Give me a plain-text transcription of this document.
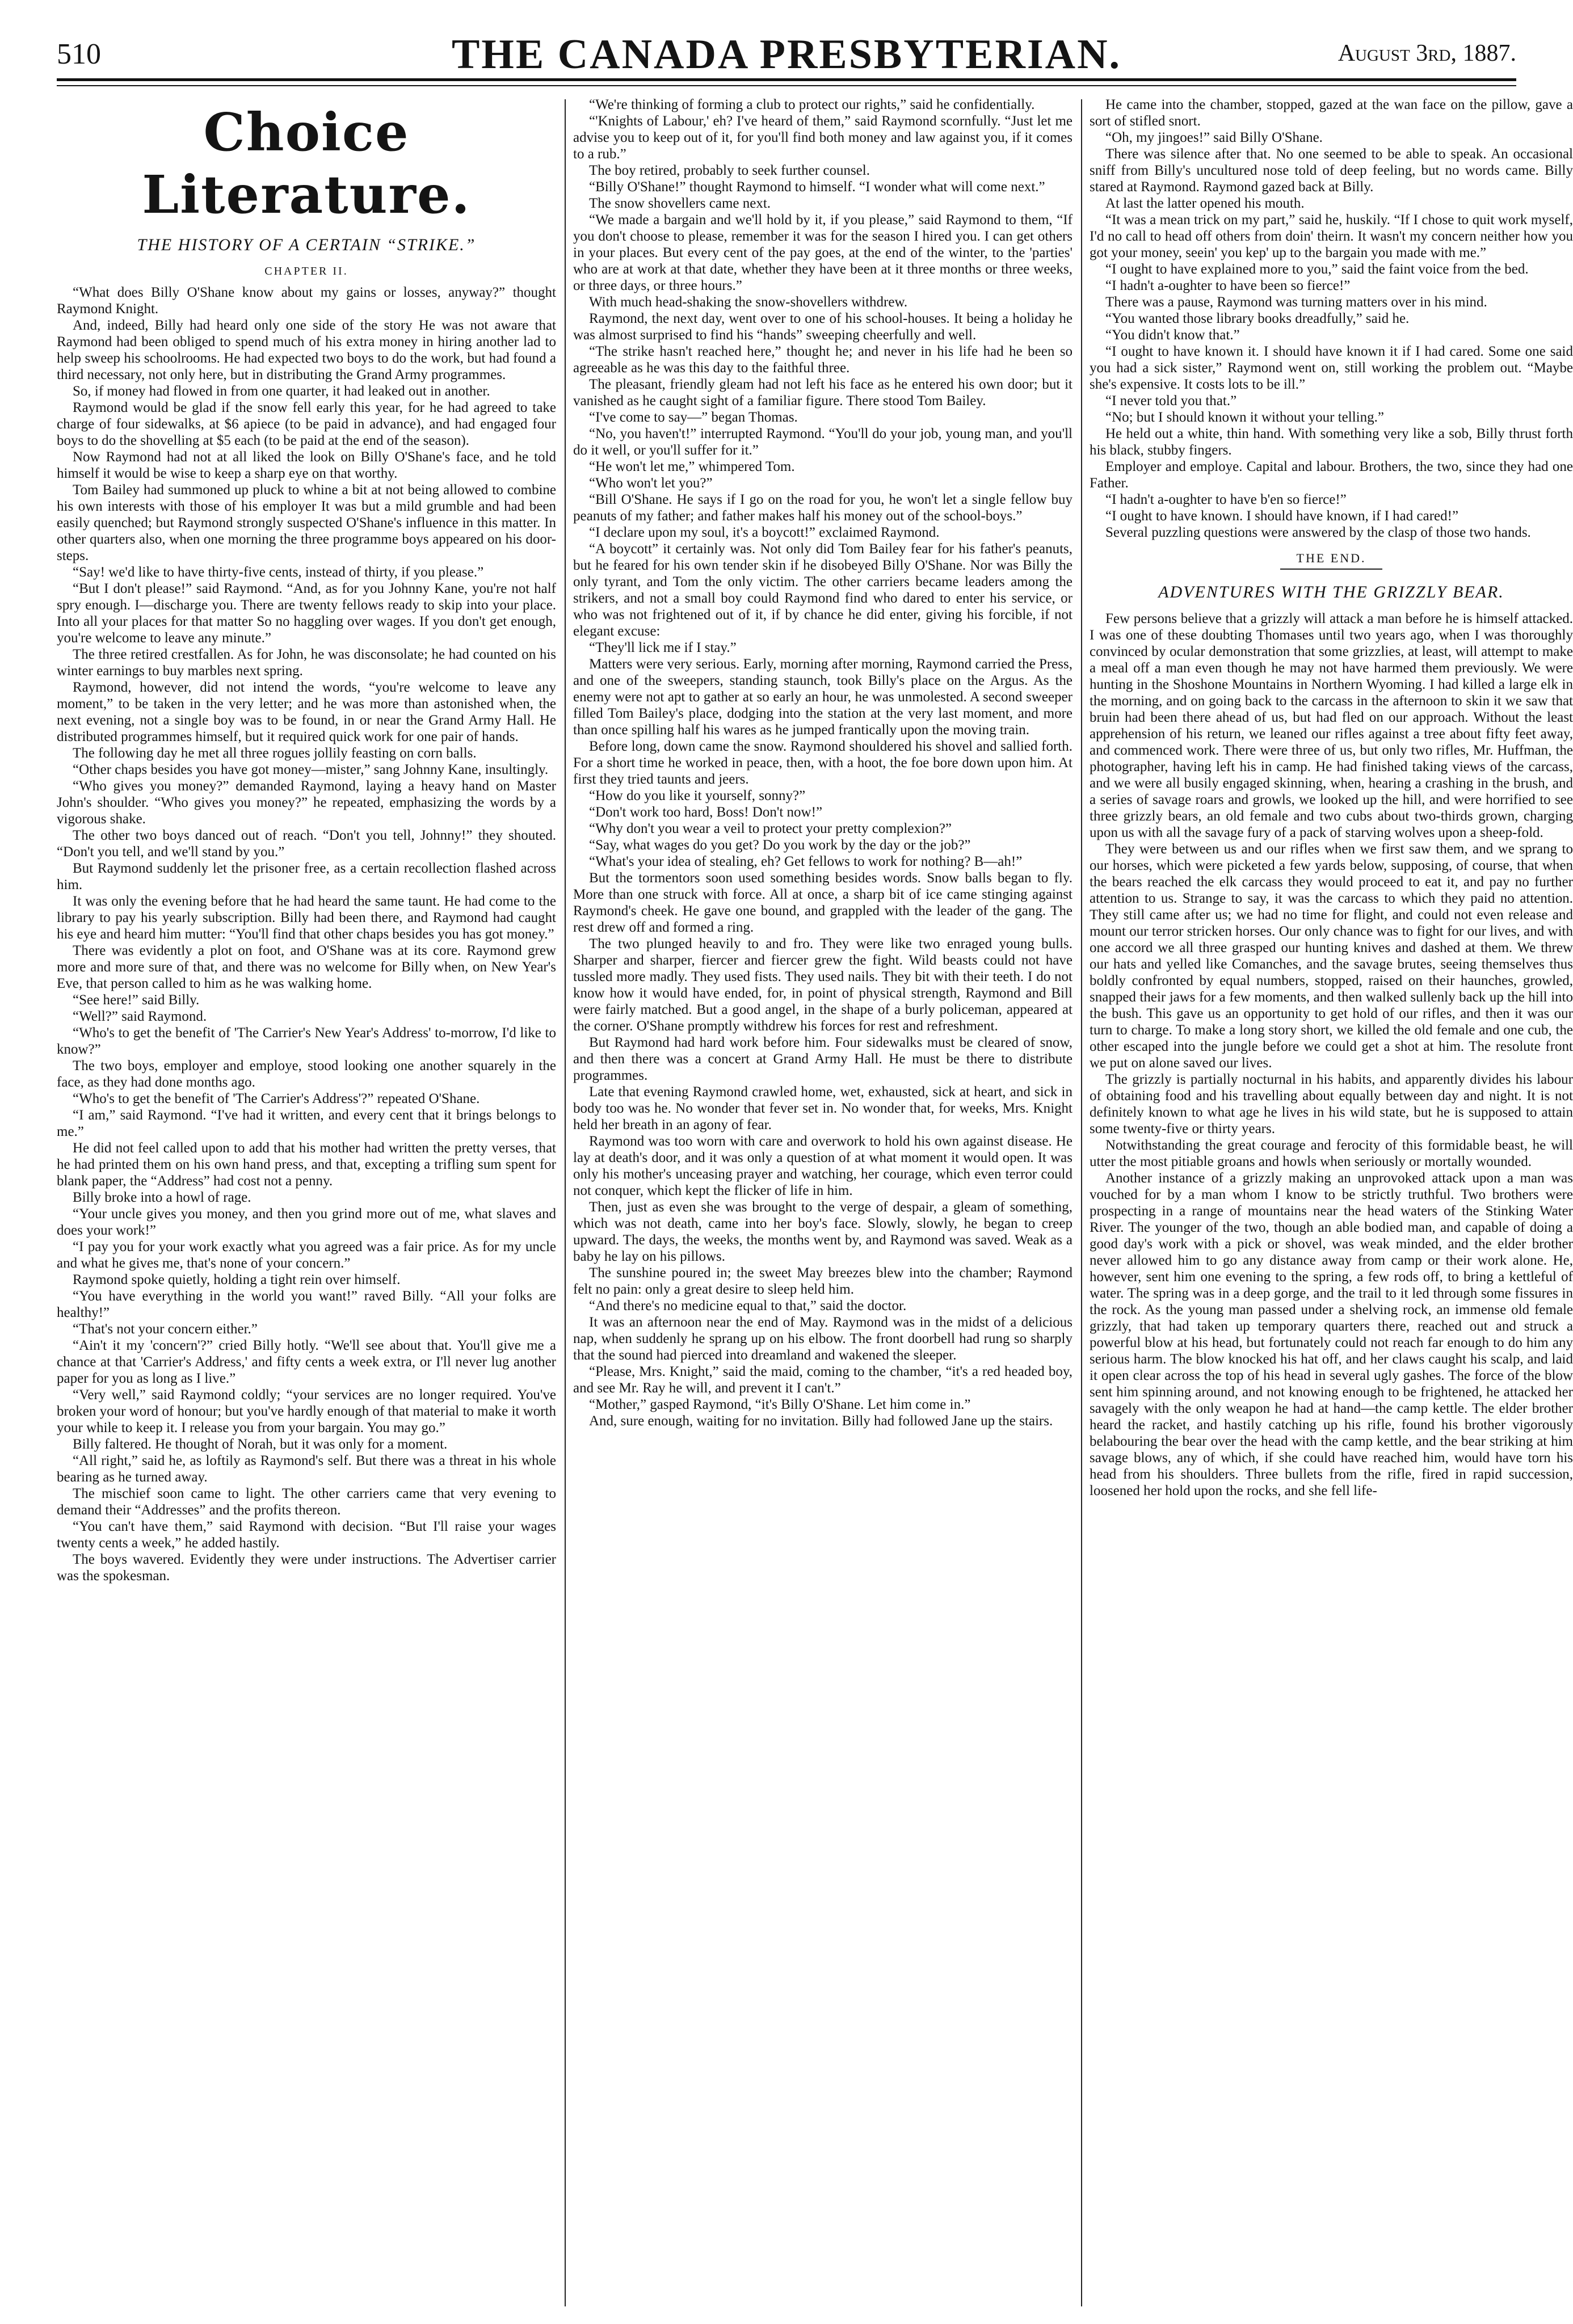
510	THE CANADA PRESBYTERIAN.	August 3rd, 1887.
Choice Literature.
THE HISTORY OF A CERTAIN “STRIKE.”
CHAPTER II.

“What does Billy O'Shane know about my gains or losses, anyway?” thought Raymond Knight.

And, indeed, Billy had heard only one side of the story He was not aware that Raymond had been obliged to spend much of his extra money in hiring another lad to help sweep his schoolrooms. He had expected two boys to do the work, but had found a third necessary, not only here, but in distributing the Grand Army programmes.

So, if money had flowed in from one quarter, it had leaked out in another.

Raymond would be glad if the snow fell early this year, for he had agreed to take charge of four sidewalks, at $6 apiece (to be paid in advance), and had engaged four boys to do the shovelling at $5 each (to be paid at the end of the season).

Now Raymond had not at all liked the look on Billy O'Shane's face, and he told himself it would be wise to keep a sharp eye on that worthy.

Tom Bailey had summoned up pluck to whine a bit at not being allowed to combine his own interests with those of his employer It was but a mild grumble and had been easily quenched; but Raymond strongly suspected O'Shane's influence in this matter. In other quarters also, when one morning the three programme boys appeared on his door-steps.

“Say! we'd like to have thirty-five cents, instead of thirty, if you please.”

“But I don't please!” said Raymond. “And, as for you Johnny Kane, you're not half spry enough. I—discharge you. There are twenty fellows ready to skip into your place. Into all your places for that matter So no haggling over wages. If you don't get enough, you're welcome to leave any minute.”

The three retired crestfallen. As for John, he was disconsolate; he had counted on his winter earnings to buy marbles next spring.

Raymond, however, did not intend the words, “you're welcome to leave any moment,” to be taken in the very letter; and he was more than astonished when, the next evening, not a single boy was to be found, in or near the Grand Army Hall. He distributed programmes himself, but it required quick work for one pair of hands.

The following day he met all three rogues jollily feasting on corn balls.

“Other chaps besides you have got money—mister,” sang Johnny Kane, insultingly.

“Who gives you money?” demanded Raymond, laying a heavy hand on Master John's shoulder. “Who gives you money?” he repeated, emphasizing the words by a vigorous shake.

The other two boys danced out of reach. “Don't you tell, Johnny!” they shouted. “Don't you tell, and we'll stand by you.”

But Raymond suddenly let the prisoner free, as a certain recollection flashed across him.

It was only the evening before that he had heard the same taunt. He had come to the library to pay his yearly subscription. Billy had been there, and Raymond had caught his eye and heard him mutter: “You'll find that other chaps besides you has got money.”

There was evidently a plot on foot, and O'Shane was at its core. Raymond grew more and more sure of that, and there was no welcome for Billy when, on New Year's Eve, that person called to him as he was walking home.

“See here!” said Billy.

“Well?” said Raymond.

“Who's to get the benefit of 'The Carrier's New Year's Address' to-morrow, I'd like to know?”

The two boys, employer and employe, stood looking one another squarely in the face, as they had done months ago.

“Who's to get the benefit of 'The Carrier's Address'?” repeated O'Shane.

“I am,” said Raymond. “I've had it written, and every cent that it brings belongs to me.”

He did not feel called upon to add that his mother had written the pretty verses, that he had printed them on his own hand press, and that, excepting a trifling sum spent for blank paper, the “Address” had cost not a penny.

Billy broke into a howl of rage.

“Your uncle gives you money, and then you grind more out of me, what slaves and does your work!”

“I pay you for your work exactly what you agreed was a fair price. As for my uncle and what he gives me, that's none of your concern.”

Raymond spoke quietly, holding a tight rein over himself.

“You have everything in the world you want!” raved Billy. “All your folks are healthy!”

“That's not your concern either.”

“Ain't it my 'concern'?” cried Billy hotly. “We'll see about that. You'll give me a chance at that 'Carrier's Address,' and fifty cents a week extra, or I'll never lug another paper for you as long as I live.”

“Very well,” said Raymond coldly; “your services are no longer required. You've broken your word of honour; but you've hardly enough of that material to make it worth your while to keep it. I release you from your bargain. You may go.”

Billy faltered. He thought of Norah, but it was only for a moment.

“All right,” said he, as loftily as Raymond's self. But there was a threat in his whole bearing as he turned away.

The mischief soon came to light. The other carriers came that very evening to demand their “Addresses” and the profits thereon.

“You can't have them,” said Raymond with decision. “But I'll raise your wages twenty cents a week,” he added hastily.

The boys wavered. Evidently they were under instructions. The Advertiser carrier was the spokesman.

“We're thinking of forming a club to protect our rights,” said he confidentially.

“'Knights of Labour,' eh? I've heard of them,” said Raymond scornfully. “Just let me advise you to keep out of it, for you'll find both money and law against you, if it comes to a rub.”

The boy retired, probably to seek further counsel.

“Billy O'Shane!” thought Raymond to himself. “I wonder what will come next.”

The snow shovellers came next.

“We made a bargain and we'll hold by it, if you please,” said Raymond to them, “If you don't choose to please, remember it was for the season I hired you. I can get others in your places. But every cent of the pay goes, at the end of the winter, to the 'parties' who are at work at that date, whether they have been at it three months or three weeks, or three days, or three hours.”

With much head-shaking the snow-shovellers withdrew.

Raymond, the next day, went over to one of his school-houses. It being a holiday he was almost surprised to find his “hands” sweeping cheerfully and well.

“The strike hasn't reached here,” thought he; and never in his life had he been so agreeable as he was this day to the faithful three.

The pleasant, friendly gleam had not left his face as he entered his own door; but it vanished as he caught sight of a familiar figure. There stood Tom Bailey.

“I've come to say—” began Thomas.

“No, you haven't!” interrupted Raymond. “You'll do your job, young man, and you'll do it well, or you'll suffer for it.”

“He won't let me,” whimpered Tom.

“Who won't let you?”

“Bill O'Shane. He says if I go on the road for you, he won't let a single fellow buy peanuts of my father; and father makes half his money out of the school-boys.”

“I declare upon my soul, it's a boycott!” exclaimed Raymond.

“A boycott” it certainly was. Not only did Tom Bailey fear for his father's peanuts, but he feared for his own tender skin if he disobeyed Billy O'Shane. Nor was Billy the only tyrant, and Tom the only victim. The other carriers became leaders among the strikers, and not a small boy could Raymond find who dared to enter his service, or who was not frightened out of it, if by chance he did enter, giving his forcible, if not elegant excuse:

“They'll lick me if I stay.”

Matters were very serious. Early, morning after morning, Raymond carried the Press, and one of the sweepers, standing staunch, took Billy's place on the Argus. As the enemy were not apt to gather at so early an hour, he was unmolested. A second sweeper filled Tom Bailey's place, dodging into the station at the very last moment, and more than once spilling half his wares as he jumped frantically upon the moving train.

Before long, down came the snow. Raymond shouldered his shovel and sallied forth. For a short time he worked in peace, then, with a hoot, the foe bore down upon him. At first they tried taunts and jeers.

“How do you like it yourself, sonny?”

“Don't work too hard, Boss! Don't now!”

“Why don't you wear a veil to protect your pretty complexion?”

“Say, what wages do you get? Do you work by the day or the job?”

“What's your idea of stealing, eh? Get fellows to work for nothing? B—ah!”

But the tormentors soon used something besides words. Snow balls began to fly. More than one struck with force. All at once, a sharp bit of ice came stinging against Raymond's cheek. He gave one bound, and grappled with the leader of the gang. The rest drew off and formed a ring.

The two plunged heavily to and fro. They were like two enraged young bulls. Sharper and sharper, fiercer and fiercer grew the fight. Wild beasts could not have tussled more madly. They used fists. They used nails. They bit with their teeth. I do not know how it would have ended, for, in point of physical strength, Raymond and Bill were fairly matched. But a good angel, in the shape of a burly policeman, appeared at the corner. O'Shane promptly withdrew his forces for rest and refreshment.

But Raymond had hard work before him. Four sidewalks must be cleared of snow, and then there was a concert at Grand Army Hall. He must be there to distribute programmes.

Late that evening Raymond crawled home, wet, exhausted, sick at heart, and sick in body too was he. No wonder that fever set in. No wonder that, for weeks, Mrs. Knight held her breath in an agony of fear.

Raymond was too worn with care and overwork to hold his own against disease. He lay at death's door, and it was only a question of at what moment it would open. It was only his mother's unceasing prayer and watching, her courage, which even terror could not conquer, which kept the flicker of life in him.

Then, just as even she was brought to the verge of despair, a gleam of something, which was not death, came into her boy's face. Slowly, slowly, he began to creep upward. The days, the weeks, the months went by, and Raymond was saved. Weak as a baby he lay on his pillows.

The sunshine poured in; the sweet May breezes blew into the chamber; Raymond felt no pain: only a great desire to sleep held him.

“And there's no medicine equal to that,” said the doctor.

It was an afternoon near the end of May. Raymond was in the midst of a delicious nap, when suddenly he sprang up on his elbow. The front doorbell had rung so sharply that the sound had pierced into dreamland and wakened the sleeper.

“Please, Mrs. Knight,” said the maid, coming to the chamber, “it's a red headed boy, and see Mr. Ray he will, and prevent it I can't.”

“Mother,” gasped Raymond, “it's Billy O'Shane. Let him come in.”

And, sure enough, waiting for no invitation. Billy had followed Jane up the stairs.

He came into the chamber, stopped, gazed at the wan face on the pillow, gave a sort of stifled snort.

“Oh, my jingoes!” said Billy O'Shane.

There was silence after that. No one seemed to be able to speak. An occasional sniff from Billy's uncultured nose told of deep feeling, but no words came. Billy stared at Raymond. Raymond gazed back at Billy.

At last the latter opened his mouth.

“It was a mean trick on my part,” said he, huskily. “If I chose to quit work myself, I'd no call to head off others from doin' theirn. It wasn't my concern neither how you got your money, seein' you kep' up to the bargain you made with me.”

“I ought to have explained more to you,” said the faint voice from the bed.

“I hadn't a-oughter to have been so fierce!”

There was a pause, Raymond was turning matters over in his mind.

“You wanted those library books dreadfully,” said he.

“You didn't know that.”

“I ought to have known it. I should have known it if I had cared. Some one said you had a sick sister,” Raymond went on, still working the problem out. “Maybe she's expensive. It costs lots to be ill.”

“I never told you that.”

“No; but I should known it without your telling.”

He held out a white, thin hand. With something very like a sob, Billy thrust forth his black, stubby fingers.

Employer and employe. Capital and labour. Brothers, the two, since they had one Father.

“I hadn't a-oughter to have b'en so fierce!”

“I ought to have known. I should have known, if I had cared!”

Several puzzling questions were answered by the clasp of those two hands.

THE END.
ADVENTURES WITH THE GRIZZLY BEAR.

Few persons believe that a grizzly will attack a man before he is himself attacked. I was one of these doubting Thomases until two years ago, when I was thoroughly convinced by ocular demonstration that some grizzlies, at least, will attempt to make a meal off a man even though he may not have harmed them previously. We were hunting in the Shoshone Mountains in Northern Wyoming. I had killed a large elk in the morning, and on going back to the carcass in the afternoon to skin it we saw that bruin had been there ahead of us, but had fled on our approach. Without the least apprehension of his return, we leaned our rifles against a tree about fifty feet away, and commenced work. There were three of us, but only two rifles, Mr. Huffman, the photographer, having left his in camp. He had finished taking views of the carcass, and we were all busily engaged skinning, when, hearing a crashing in the brush, and a series of savage roars and growls, we looked up the hill, and were horrified to see three grizzly bears, an old female and two cubs about two-thirds grown, charging upon us with all the savage fury of a pack of starving wolves upon a sheep-fold.

They were between us and our rifles when we first saw them, and we sprang to our horses, which were picketed a few yards below, supposing, of course, that when the bears reached the elk carcass they would proceed to eat it, and pay no further attention to us. Strange to say, it was the carcass to which they paid no attention. They still came after us; we had no time for flight, and could not even release and mount our terror stricken horses. Our only chance was to fight for our lives, and with one accord we all three grasped our hunting knives and dashed at them. We threw our hats and yelled like Comanches, and the savage brutes, seeing themselves thus boldly confronted by equal numbers, stopped, raised on their haunches, growled, snapped their jaws for a few moments, and then walked sullenly back up the hill into the bush. This gave us an opportunity to get hold of our rifles, and then it was our turn to charge. To make a long story short, we killed the old female and one cub, the other escaped into the jungle before we could get a shot at him. The resolute front we put on alone saved our lives.

The grizzly is partially nocturnal in his habits, and apparently divides his labour of obtaining food and his travelling about equally between day and night. It is not definitely known to what age he lives in his wild state, but he is supposed to attain some twenty-five or thirty years.

Notwithstanding the great courage and ferocity of this formidable beast, he will utter the most pitiable groans and howls when seriously or mortally wounded.

Another instance of a grizzly making an unprovoked attack upon a man was vouched for by a man whom I know to be strictly truthful. Two brothers were prospecting in a range of mountains near the head waters of the Stinking Water River. The younger of the two, though an able bodied man, and capable of doing a good day's work with a pick or shovel, was weak minded, and the elder brother never allowed him to go any distance away from camp or their work alone. He, however, sent him one evening to the spring, a few rods off, to bring a kettleful of water. The spring was in a deep gorge, and the trail to it led through some fissures in the rock. As the young man passed under a shelving rock, an immense old female grizzly, that had taken up temporary quarters there, reached out and struck a powerful blow at his head, but fortunately could not reach far enough to do him any serious harm. The blow knocked his hat off, and her claws caught his scalp, and laid it open clear across the top of his head in several ugly gashes. The force of the blow sent him spinning around, and not knowing enough to be frightened, he attacked her savagely with the only weapon he had at hand—the camp kettle. The elder brother heard the racket, and hastily catching up his rifle, found his brother vigorously belabouring the bear over the head with the camp kettle, and the bear striking at him savage blows, any of which, if she could have reached him, would have torn his head from his shoulders. Three bullets from the rifle, fired in rapid succession, loosened her hold upon the rocks, and she fell life-
